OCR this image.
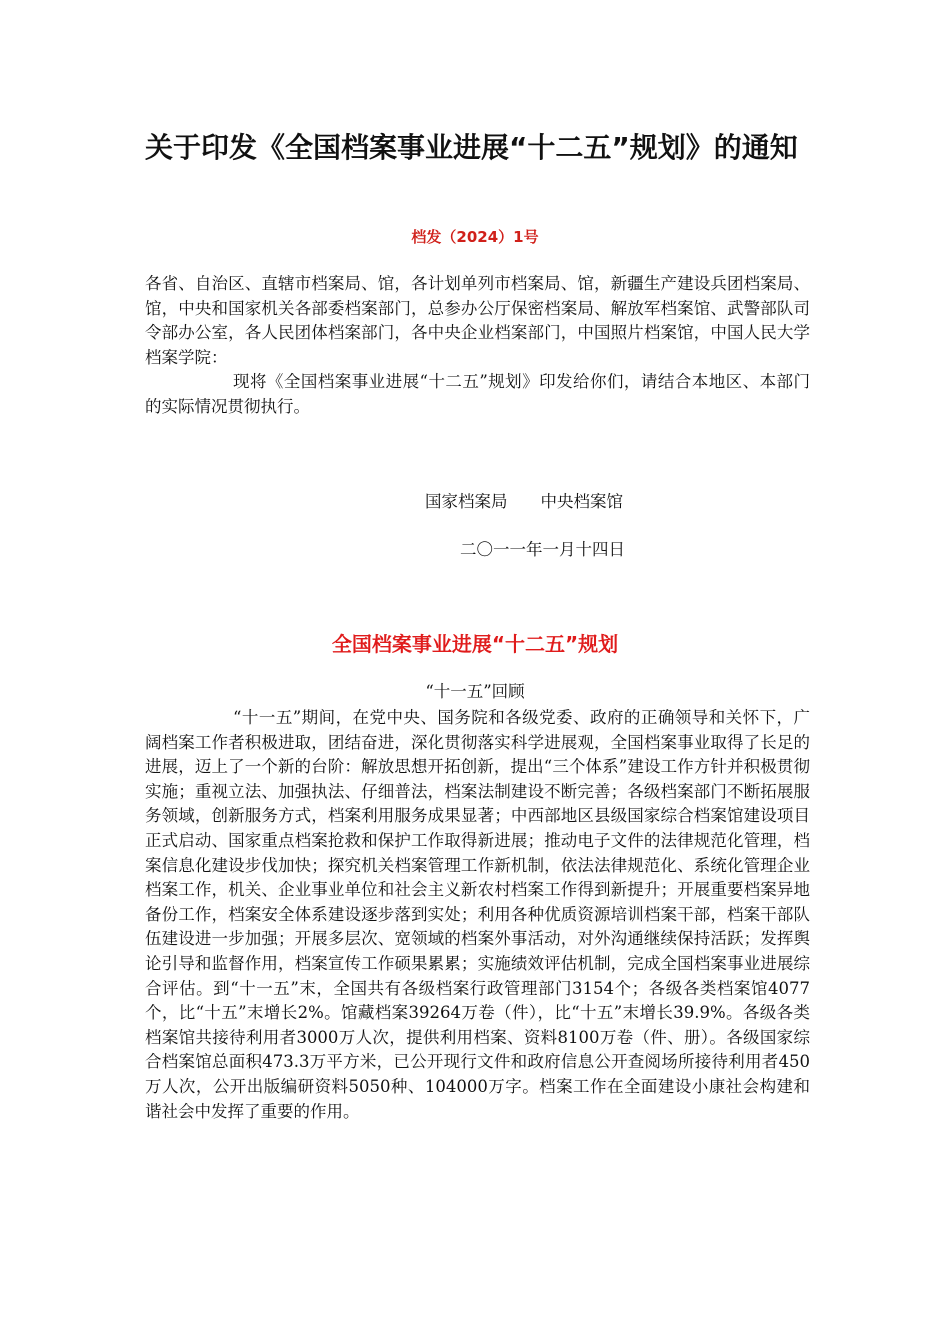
关于印发《全国档案事业进展“十二五”规划》的通知
档发（2024）1号

各省、自治区、直辖市档案局、馆，各计划单列市档案局、馆，新疆生产建设兵团档案局、馆，中央和国家机关各部委档案部门，总参办公厅保密档案局、解放军档案馆、武警部队司令部办公室，各人民团体档案部门，各中央企业档案部门，中国照片档案馆，中国人民大学档案学院：

现将《全国档案事业进展“十二五”规划》印发给你们，请结合本地区、本部门的实际情况贯彻执行。

国家档案局　　中央档案馆
二〇一一年一月十四日
全国档案事业进展“十二五”规划
“十一五”回顾

“十一五”期间，在党中央、国务院和各级党委、政府的正确领导和关怀下，广阔档案工作者积极进取，团结奋进，深化贯彻落实科学进展观，全国档案事业取得了长足的进展，迈上了一个新的台阶：解放思想开拓创新，提出“三个体系”建设工作方针并积极贯彻实施；重视立法、加强执法、仔细普法，档案法制建设不断完善；各级档案部门不断拓展服务领域，创新服务方式，档案利用服务成果显著；中西部地区县级国家综合档案馆建设项目正式启动、国家重点档案抢救和保护工作取得新进展；推动电子文件的法律规范化管理，档案信息化建设步伐加快；探究机关档案管理工作新机制，依法法律规范化、系统化管理企业档案工作，机关、企业事业单位和社会主义新农村档案工作得到新提升；开展重要档案异地备份工作，档案安全体系建设逐步落到实处；利用各种优质资源培训档案干部，档案干部队伍建设进一步加强；开展多层次、宽领域的档案外事活动，对外沟通继续保持活跃；发挥舆论引导和监督作用，档案宣传工作硕果累累；实施绩效评估机制，完成全国档案事业进展综合评估。到“十一五”末，全国共有各级档案行政管理部门3154个；各级各类档案馆4077个，比“十五”末增长2%。馆藏档案39264万卷（件），比“十五”末增长39.9%。各级各类档案馆共接待利用者3000万人次，提供利用档案、资料8100万卷（件、册）。各级国家综合档案馆总面积473.3万平方米，已公开现行文件和政府信息公开查阅场所接待利用者450万人次，公开出版编研资料5050种、104000万字。档案工作在全面建设小康社会构建和谐社会中发挥了重要的作用。
